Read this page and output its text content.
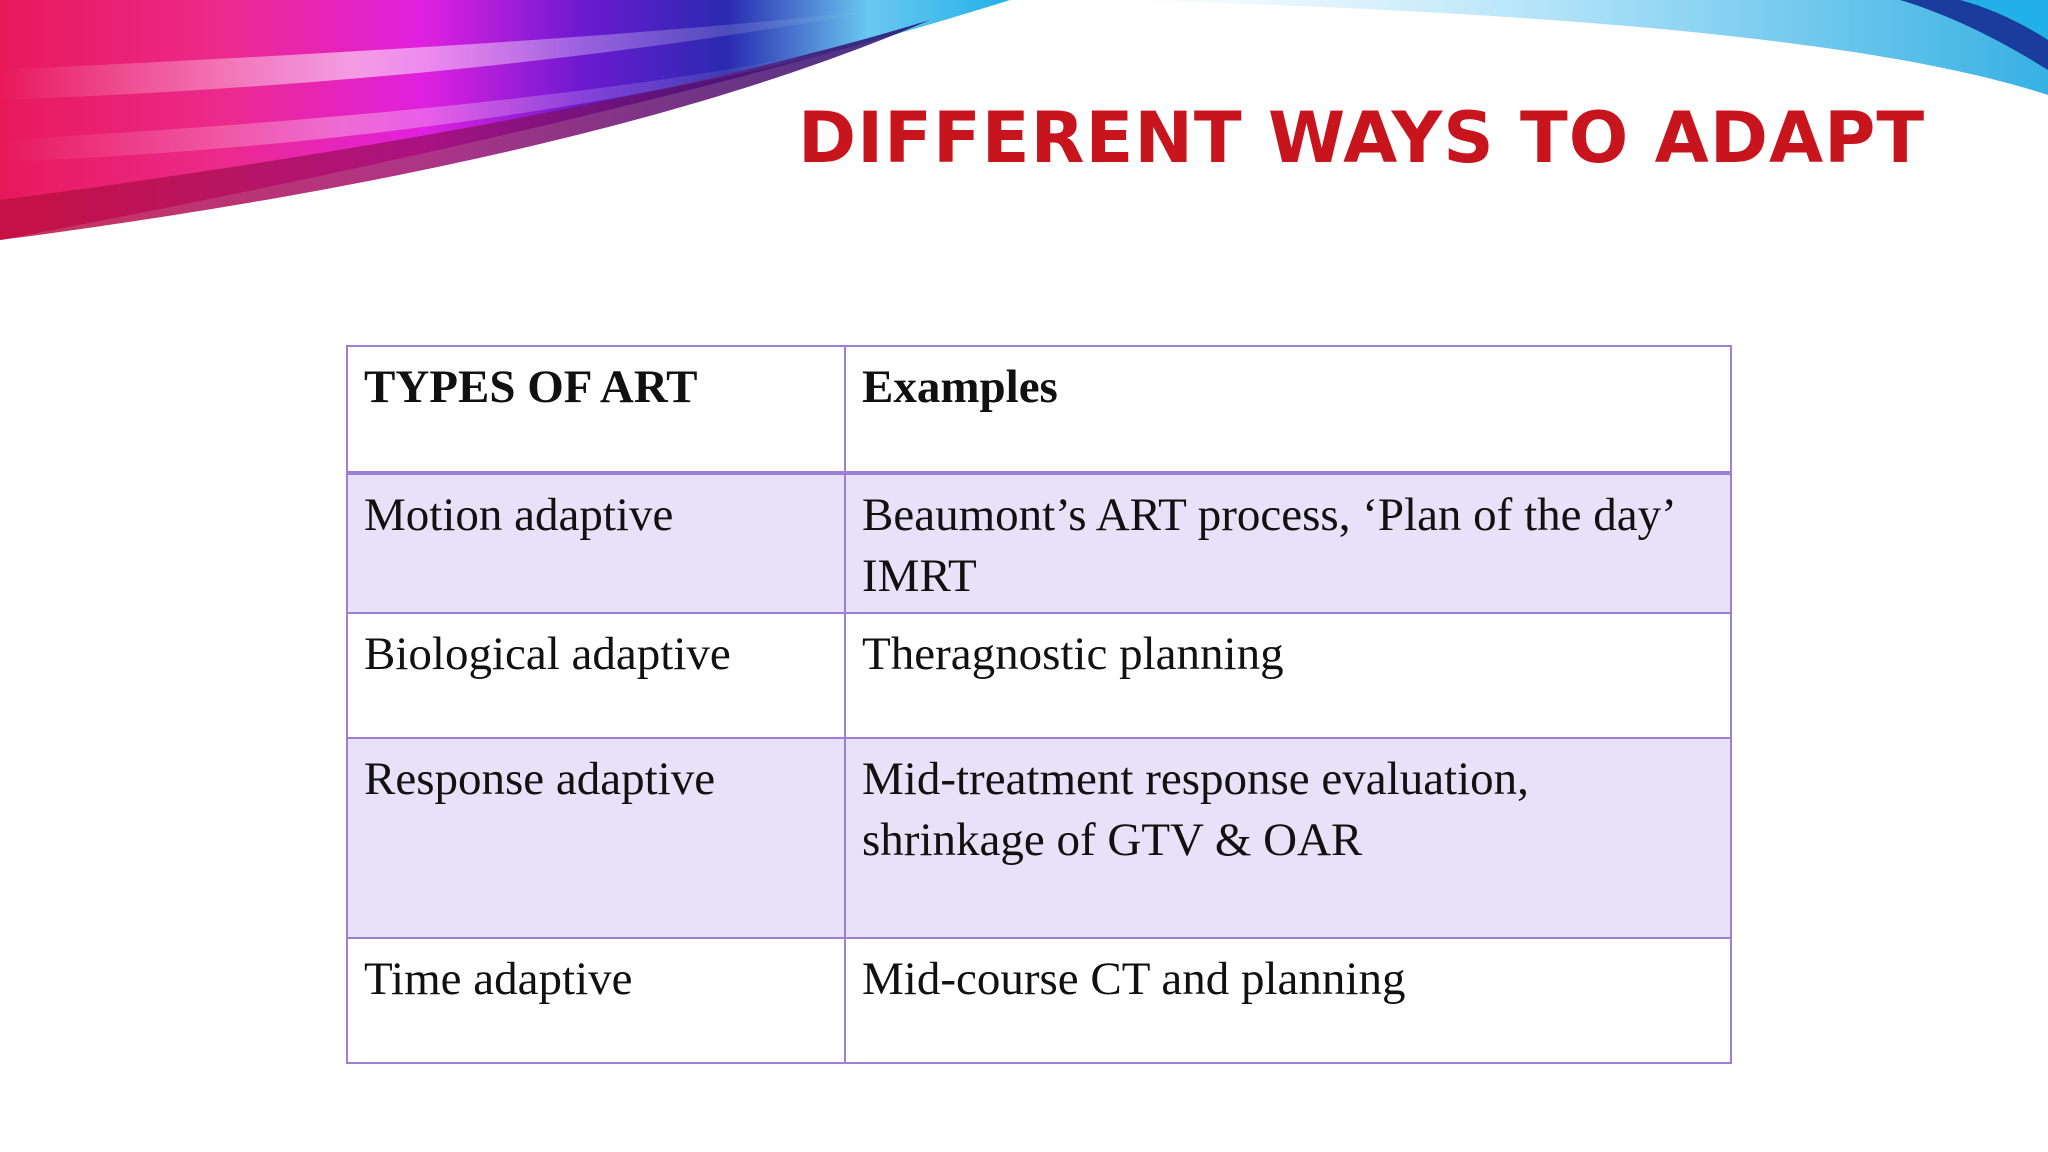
DIFFERENT WAYS TO ADAPT
TYPES OF ART	Examples
Motion adaptive	Beaumont’s ART process, ‘Plan of the day’ IMRT
Biological adaptive	Theragnostic planning
Response adaptive	Mid-treatment response evaluation, shrinkage of GTV & OAR
Time adaptive	Mid-course CT and planning
